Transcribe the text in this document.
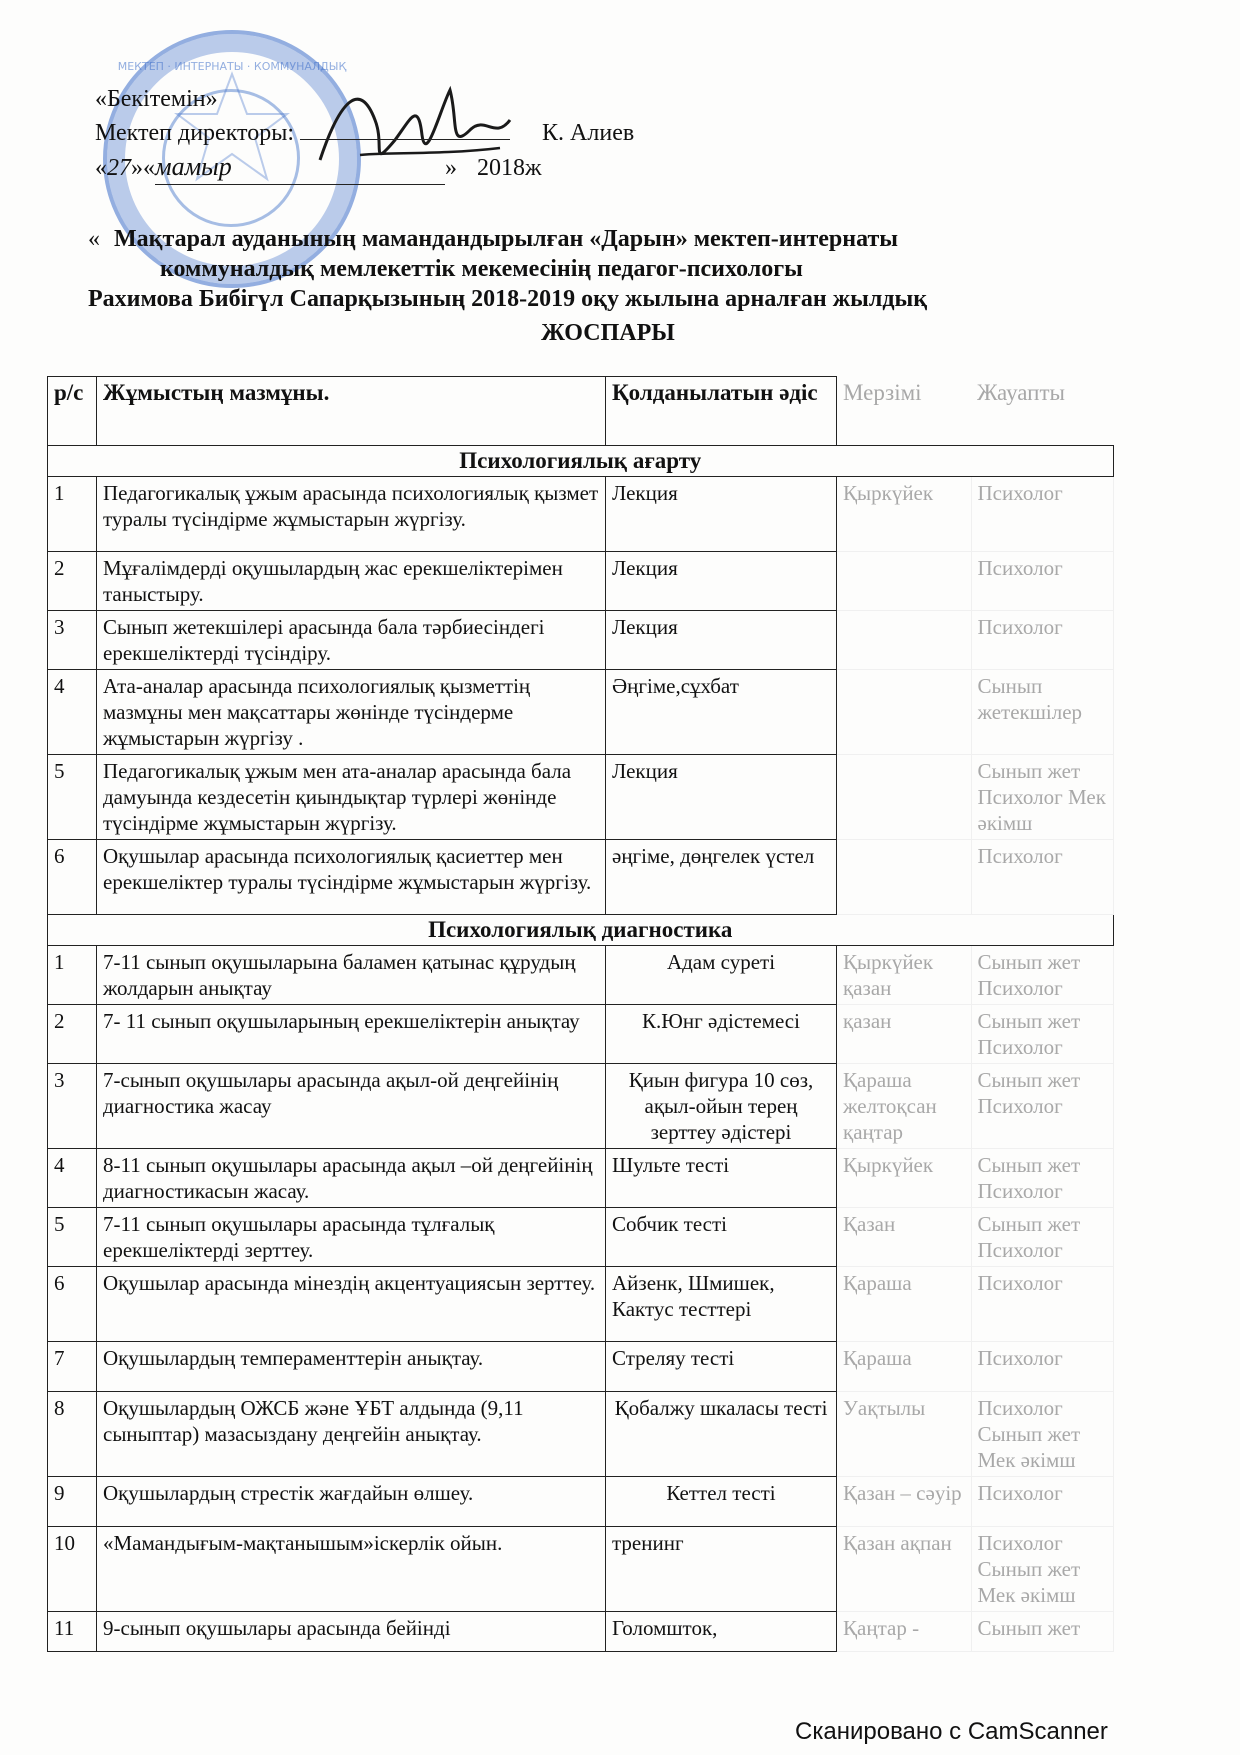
МЕКТЕП · ИНТЕРНАТЫ · КОММУНАЛДЫҚ
«Бекітемін»
Мектеп директоры:	К. Алиев
«27»«мамыр	» 2018ж
« Мақтарал ауданының мамандандырылған «Дарын» мектеп-интернаты
коммуналдық мемлекеттік мекемесінің педагог-психологы
Рахимова Бибігүл Сапарқызының 2018-2019 оқу жылына арналған жылдық
ЖОСПАРЫ
р/с	Жұмыстың мазмұны.	Қолданылатын әдіс	Мерзімі	Жауапты
Психологиялық ағарту				
1	Педагогикалық ұжым арасында психологиялық қызмет туралы түсіндірме жұмыстарын жүргізу.	Лекция	Қыркүйек	Психолог
2	Мұғалімдерді оқушылардың жас ерекшеліктерімен таныстыру.	Лекция		Психолог
3	Сынып жетекшілері арасында бала тәрбиесіндегі ерекшеліктерді түсіндіру.	Лекция		Психолог
4	Ата-аналар арасында психологиялық қызметтің мазмұны мен мақсаттары жөнінде түсіндерме жұмыстарын жүргізу .	Әңгіме,сұхбат		Сынып жетекшілер
5	Педагогикалық ұжым мен ата-аналар арасында бала дамуында кездесетін қиындықтар түрлері жөнінде түсіндірме жұмыстарын жүргізу.	Лекция		Сынып жет Психолог Мек әкімш
6	Оқушылар арасында психологиялық қасиеттер мен ерекшеліктер туралы түсіндірме жұмыстарын жүргізу.	әңгіме, дөңгелек үстел		Психолог
Психологиялық диагностика				
1	7-11 сынып оқушыларына баламен қатынас құрудың жолдарын анықтау	Адам суреті	Қыркүйек қазан	Сынып жет Психолог
2	7- 11 сынып оқушыларының ерекшеліктерін анықтау	К.Юнг әдістемесі	қазан	Сынып жет Психолог
3	7-сынып оқушылары арасында ақыл-ой деңгейінің диагностика жасау	Қиын фигура 10 сөз, ақыл-ойын терең зерттеу әдістері	Қараша желтоқсан қаңтар	Сынып жет Психолог
4	8-11 сынып оқушылары арасында ақыл –ой деңгейінің диагностикасын жасау.	Шульте тесті	Қыркүйек	Сынып жет Психолог
5	7-11 сынып оқушылары арасында тұлғалық ерекшеліктерді зерттеу.	Собчик тесті	Қазан	Сынып жет Психолог
6	Оқушылар арасында мінездің акцентуациясын зерттеу.	Айзенк, Шмишек, Кактус тесттері	Қараша	Психолог
7	Оқушылардың темпераменттерін анықтау.	Стреляу тесті	Қараша	Психолог
8	Оқушылардың ОЖСБ және ҰБТ алдында (9,11 сыныптар) мазасыздану деңгейін анықтау.	Қобалжу шкаласы тесті	Уақтылы	Психолог Сынып жет Мек әкімш
9	Оқушылардың стрестік жағдайын өлшеу.	Кеттел тесті	Қазан – сәуір	Психолог
10	«Мамандығым-мақтанышым»іскерлік ойын.	тренинг	Қазан ақпан	Психолог Сынып жет Мек әкімш
11	9-сынып оқушылары арасында бейінді	Голомшток,	Қаңтар -	Сынып жет
Сканировано с CamScanner
